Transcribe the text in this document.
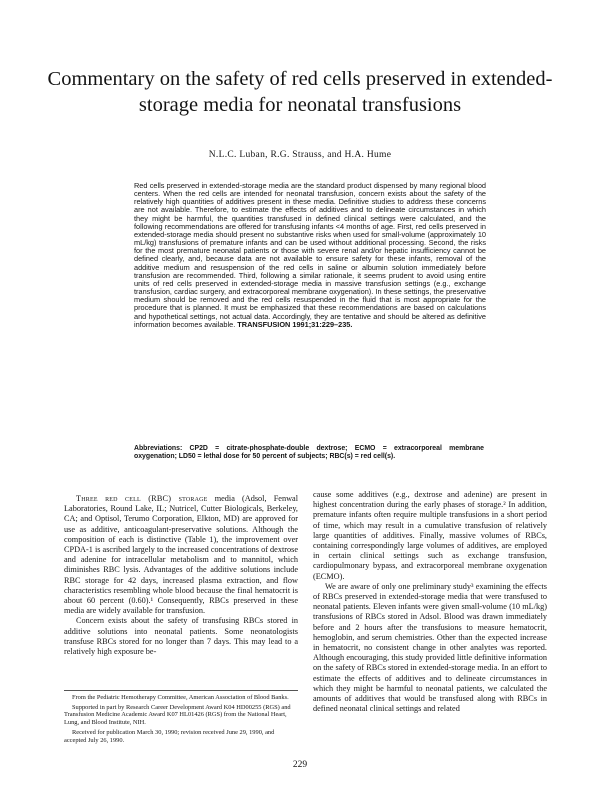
Commentary on the safety of red cells preserved in extended-storage media for neonatal transfusions
N.L.C. Luban, R.G. Strauss, and H.A. Hume

Red cells preserved in extended-storage media are the standard product dispensed by many regional blood centers. When the red cells are intended for neonatal transfusion, concern exists about the safety of the relatively high quantities of additives present in these media. Definitive studies to address these concerns are not available. Therefore, to estimate the effects of additives and to delineate circumstances in which they might be harmful, the quantities transfused in defined clinical settings were calculated, and the following recommendations are offered for transfusing infants <4 months of age. First, red cells preserved in extended-storage media should present no substantive risks when used for small-volume (approximately 10 mL/kg) transfusions of premature infants and can be used without additional processing. Second, the risks for the most premature neonatal patients or those with severe renal and/or hepatic insufficiency cannot be defined clearly, and, because data are not available to ensure safety for these infants, removal of the additive medium and resuspension of the red cells in saline or albumin solution immediately before transfusion are recommended. Third, following a similar rationale, it seems prudent to avoid using entire units of red cells preserved in extended-storage media in massive transfusion settings (e.g., exchange transfusion, cardiac surgery, and extracorporeal membrane oxygenation). In these settings, the preservative medium should be removed and the red cells resuspended in the fluid that is most appropriate for the procedure that is planned. It must be emphasized that these recommendations are based on calculations and hypothetical settings, not actual data. Accordingly, they are tentative and should be altered as definitive information becomes available. TRANSFUSION 1991;31:229–235.

Abbreviations: CP2D = citrate-phosphate-double dextrose; ECMO = extracorporeal membrane oxygenation; LD50 = lethal dose for 50 percent of subjects; RBC(s) = red cell(s).

Three red cell (RBC) storage media (Adsol, Fenwal Laboratories, Round Lake, IL; Nutricel, Cutter Biologicals, Berkeley, CA; and Optisol, Terumo Corporation, Elkton, MD) are approved for use as additive, anticoagulant-preservative solutions. Although the composition of each is distinctive (Table 1), the improvement over CPDA-1 is ascribed largely to the increased concentrations of dextrose and adenine for intracellular metabolism and to mannitol, which diminishes RBC lysis. Advantages of the additive solutions include RBC storage for 42 days, increased plasma extraction, and flow characteristics resembling whole blood because the final hematocrit is about 60 percent (0.60).¹ Consequently, RBCs preserved in these media are widely available for transfusion.

Concern exists about the safety of transfusing RBCs stored in additive solutions into neonatal patients. Some neonatologists transfuse RBCs stored for no longer than 7 days. This may lead to a relatively high exposure be-

From the Pediatric Hemotherapy Committee, American Association of Blood Banks.

Supported in part by Research Career Development Award K04 HD00255 (RGS) and Transfusion Medicine Academic Award K07 HL01426 (RGS) from the National Heart, Lung, and Blood Institute, NIH.

Received for publication March 30, 1990; revision received June 29, 1990, and accepted July 26, 1990.

cause some additives (e.g., dextrose and adenine) are present in highest concentration during the early phases of storage.² In addition, premature infants often require multiple transfusions in a short period of time, which may result in a cumulative transfusion of relatively large quantities of additives. Finally, massive volumes of RBCs, containing correspondingly large volumes of additives, are employed in certain clinical settings such as exchange transfusion, cardiopulmonary bypass, and extracorporeal membrane oxygenation (ECMO).

We are aware of only one preliminary study³ examining the effects of RBCs preserved in extended-storage media that were transfused to neonatal patients. Eleven infants were given small-volume (10 mL/kg) transfusions of RBCs stored in Adsol. Blood was drawn immediately before and 2 hours after the transfusions to measure hematocrit, hemoglobin, and serum chemistries. Other than the expected increase in hematocrit, no consistent change in other analytes was reported. Although encouraging, this study provided little definitive information on the safety of RBCs stored in extended-storage media. In an effort to estimate the effects of additives and to delineate circumstances in which they might be harmful to neonatal patients, we calculated the amounts of additives that would be transfused along with RBCs in defined neonatal clinical settings and related

229
